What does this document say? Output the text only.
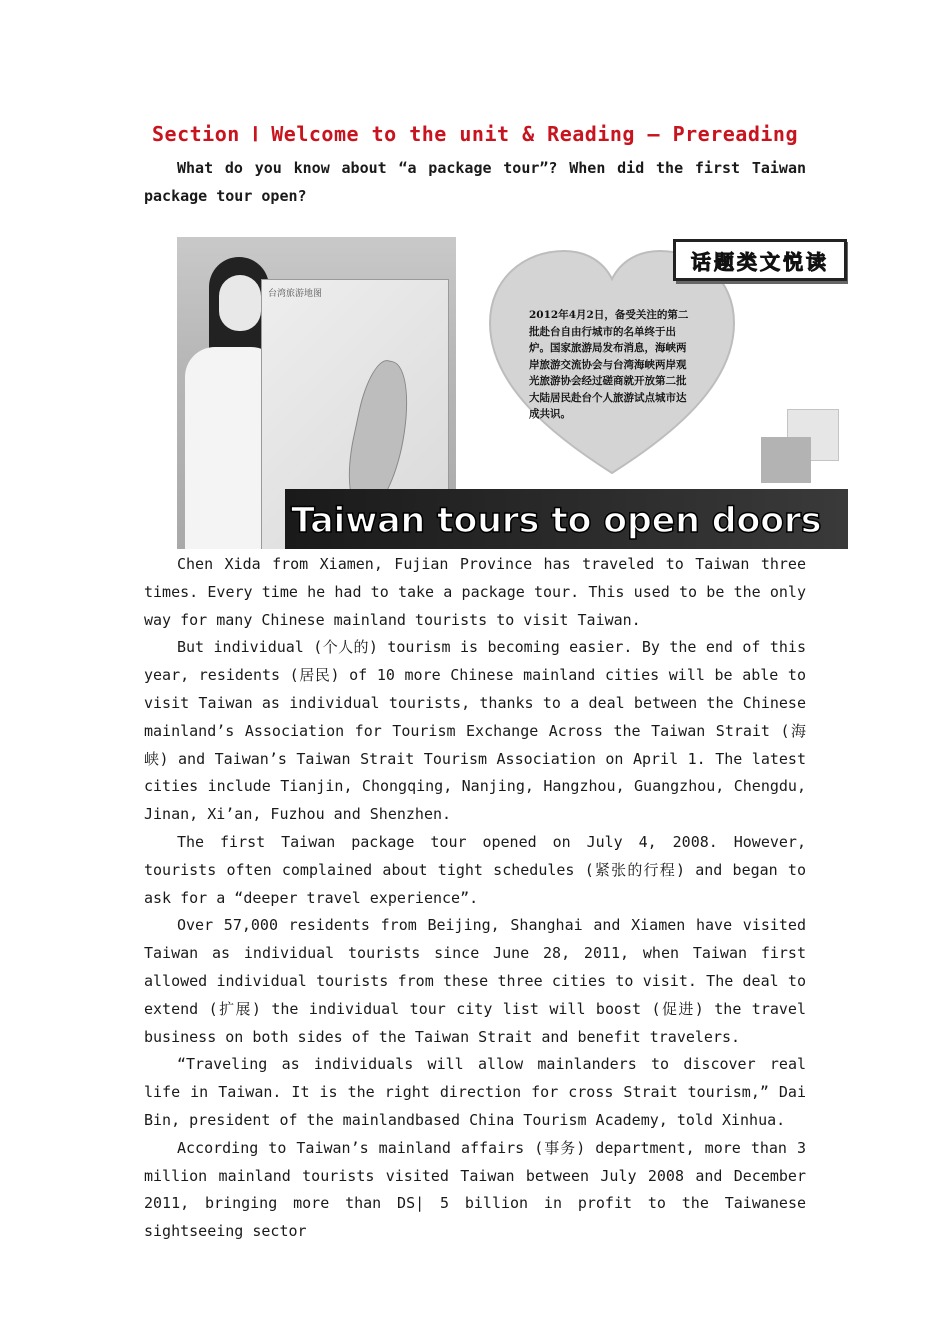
Section Ⅰ Welcome to the unit & Reading — Prereading
What do you know about “a package tour”? When did the first Taiwan package tour open?
台湾旅游地图
2012年4月2日，备受关注的第二批赴台自由行城市的名单终于出炉。国家旅游局发布消息，海峡两岸旅游交流协会与台湾海峡两岸观光旅游协会经过磋商就开放第二批大陆居民赴台个人旅游试点城市达成共识。
话题类文悦读
Taiwan tours to open doors

Chen Xida from Xiamen, Fujian Province has traveled to Taiwan three times. Every time he had to take a package tour. This used to be the only way for many Chinese mainland tourists to visit Taiwan.

But individual (个人的) tourism is becoming easier. By the end of this year, residents (居民) of 10 more Chinese mainland cities will be able to visit Taiwan as individual tourists, thanks to a deal between the Chinese mainland’s Association for Tourism Exchange Across the Taiwan Strait (海峡) and Taiwan’s Taiwan Strait Tourism Association on April 1. The latest cities include Tianjin, Chongqing, Nanjing, Hangzhou, Guangzhou, Chengdu, Jinan, Xi’an, Fuzhou and Shenzhen.

The first Taiwan package tour opened on July 4, 2008. However, tourists often complained about tight schedules (紧张的行程) and began to ask for a “deeper travel experience”.

Over 57,000 residents from Beijing, Shanghai and Xiamen have visited Taiwan as individual tourists since June 28, 2011, when Taiwan first allowed individual tourists from these three cities to visit. The deal to extend (扩展) the individual tour city list will boost (促进) the travel business on both sides of the Taiwan Strait and benefit travelers.

“Traveling as individuals will allow mainlanders to discover real life in Taiwan. It is the right direction for cross Strait tourism,” Dai Bin, president of the mainlandbased China Tourism Academy, told Xinhua.

According to Taiwan’s mainland affairs (事务) department, more than 3 million mainland tourists visited Taiwan between July 2008 and December 2011, bringing more than DS| 5 billion in profit to the Taiwanese sightseeing sector
